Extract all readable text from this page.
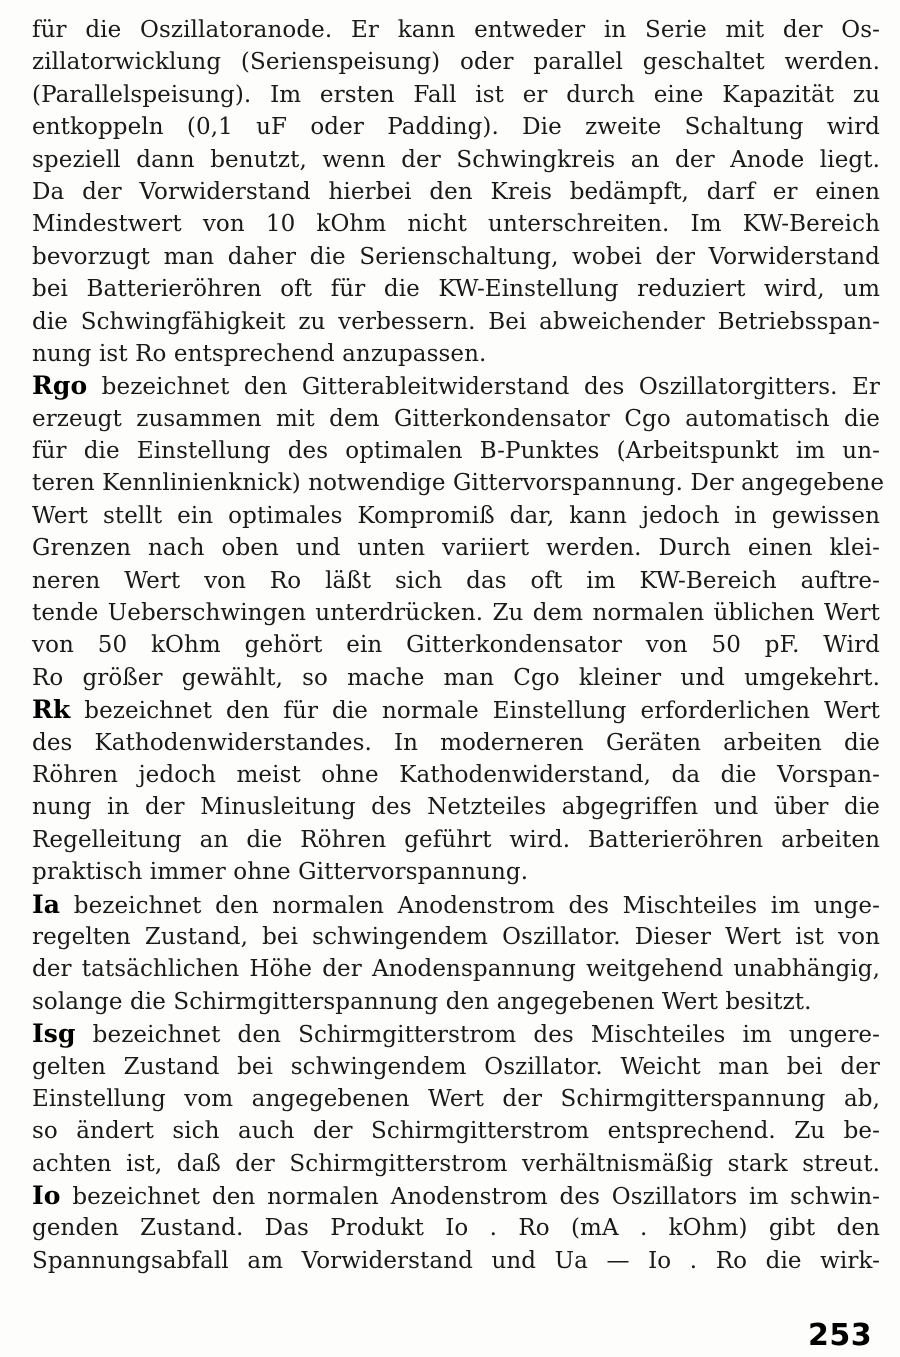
für die Oszillatoranode. Er kann entweder in Serie mit der Os-
zillatorwicklung (Serienspeisung) oder parallel geschaltet werden.
(Parallelspeisung). Im ersten Fall ist er durch eine Kapazität zu
entkoppeln (0,1 uF oder Padding). Die zweite Schaltung wird
speziell dann benutzt, wenn der Schwingkreis an der Anode liegt.
Da der Vorwiderstand hierbei den Kreis bedämpft, darf er einen
Mindestwert von 10 kOhm nicht unterschreiten. Im KW-Bereich
bevorzugt man daher die Serienschaltung, wobei der Vorwiderstand
bei Batterieröhren oft für die KW-Einstellung reduziert wird, um
die Schwingfähigkeit zu verbessern. Bei abweichender Betriebsspan-
nung ist Ro entsprechend anzupassen.
Rgo bezeichnet den Gitterableitwiderstand des Oszillatorgitters. Er
erzeugt zusammen mit dem Gitterkondensator Cgo automatisch die
für die Einstellung des optimalen B-Punktes (Arbeitspunkt im un-
teren Kennlinienknick) notwendige Gittervorspannung. Der angegebene
Wert stellt ein optimales Kompromiß dar, kann jedoch in gewissen
Grenzen nach oben und unten variiert werden. Durch einen klei-
neren Wert von Ro läßt sich das oft im KW-Bereich auftre-
tende Ueberschwingen unterdrücken. Zu dem normalen üblichen Wert
von 50 kOhm gehört ein Gitterkondensator von 50 pF. Wird
Ro größer gewählt, so mache man Cgo kleiner und umgekehrt.
Rk bezeichnet den für die normale Einstellung erforderlichen Wert
des Kathodenwiderstandes. In moderneren Geräten arbeiten die
Röhren jedoch meist ohne Kathodenwiderstand, da die Vorspan-
nung in der Minusleitung des Netzteiles abgegriffen und über die
Regelleitung an die Röhren geführt wird. Batterieröhren arbeiten
praktisch immer ohne Gittervorspannung.
Ia bezeichnet den normalen Anodenstrom des Mischteiles im unge-
regelten Zustand, bei schwingendem Oszillator. Dieser Wert ist von
der tatsächlichen Höhe der Anodenspannung weitgehend unabhängig,
solange die Schirmgitterspannung den angegebenen Wert besitzt.
Isg bezeichnet den Schirmgitterstrom des Mischteiles im ungere-
gelten Zustand bei schwingendem Oszillator. Weicht man bei der
Einstellung vom angegebenen Wert der Schirmgitterspannung ab,
so ändert sich auch der Schirmgitterstrom entsprechend. Zu be-
achten ist, daß der Schirmgitterstrom verhältnismäßig stark streut.
Io bezeichnet den normalen Anodenstrom des Oszillators im schwin-
genden Zustand. Das Produkt Io . Ro (mA . kOhm) gibt den
Spannungsabfall am Vorwiderstand und Ua — Io . Ro die wirk-
253
